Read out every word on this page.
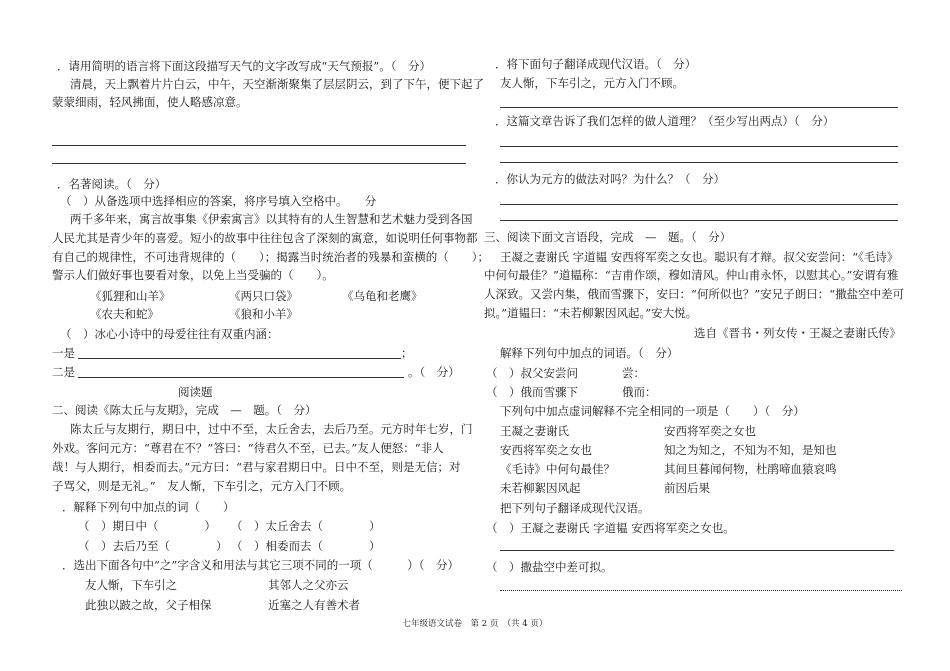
．请用简明的语言将下面这段描写天气的文字改写成“天气预报”。（　分）
清晨，天上飘着片片白云，中午，天空渐渐聚集了层层阴云，到了下午，便下起了
蒙蒙细雨，轻风拂面，使人略感凉意。
．名著阅读。（　分）
（　）从备选项中选择相应的答案，将序号填入空格中。　　分
两千多年来，寓言故事集《伊索寓言》以其特有的人生智慧和艺术魅力受到各国
人民尤其是青少年的喜爱。短小的故事中往往包含了深刻的寓意，如说明任何事物都
有自己的规律性，不可违背规律的（　　）；揭露当时统治者的残暴和蛮横的（　　）；
警示人们做好事也要看对象，以免上当受骗的（　　）。
《狐狸和山羊》	《两只口袋》	《乌龟和老鹰》
《农夫和蛇》	《狼和小羊》
（　）冰心小诗中的母爱往往有双重内涵：
一是	；
二是	。（　分）
阅读题
二、阅读《陈太丘与友期》，完成　—　题。（　分）
陈太丘与友期行，期日中，过中不至，太丘舍去，去后乃至。元方时年七岁，门
外戏。客问元方：“尊君在不？”答曰：“待君久不至，已去。”友人便怒：“非人
哉！与人期行，相委而去。”元方曰：“君与家君期日中。日中不至，则是无信；对
子骂父，则是无礼。”　友人惭，下车引之，元方入门不顾。
．解释下列句中加点的词（　　）
（　）期日中（　　　　） （　）太丘舍去（　　　　）
（　）去后乃至（　　　　） （　）相委而去（　　　　）
．选出下面各句中“之”字含义和用法与其它三项不同的一项（　　　）（　分）
友人惭，下车引之	其邻人之父亦云
此独以跛之故，父子相保	近塞之人有善术者
．将下面句子翻译成现代汉语。（　分）
友人惭，下车引之，元方入门不顾。
．这篇文章告诉了我们怎样的做人道理？（至少写出两点）（　分）
．你认为元方的做法对吗？为什么？（　分）
三、阅读下面文言语段，完成　—　题。（　分）
王凝之妻谢氏 字道韫 安西将军奕之女也。聪识有才辩。叔父安尝问：“《毛诗》
中何句最佳？”道韫称：“吉甫作颂，穆如清风。仲山甫永怀，以慰其心。”安谓有雅
人深致。又尝内集，俄而雪骤下，安曰：“何所似也？”安兄子朗曰：“撒盐空中差可
拟。”道韫曰：“未若柳絮因风起。”安大悦。
选自《晋书・列女传・王凝之妻谢氏传》
解释下列句中加点的词语。（　分）
（　）叔父安尝问	尝：
（　）俄而雪骤下	俄而：
下列句中加点虚词解释不完全相同的一项是（　　）（　分）
王凝之妻谢氏	安西将军奕之女也
安西将军奕之女也	知之为知之，不知为不知，是知也
《毛诗》中何句最佳？	其间旦暮闻何物，杜鹃啼血猿哀鸣
未若柳絮因风起	前因后果
把下列句子翻译成现代汉语。
（　）王凝之妻谢氏 字道韫 安西将军奕之女也。
（　）撒盐空中差可拟。
七年级语文试卷　第 2 页　（共 4 页）
